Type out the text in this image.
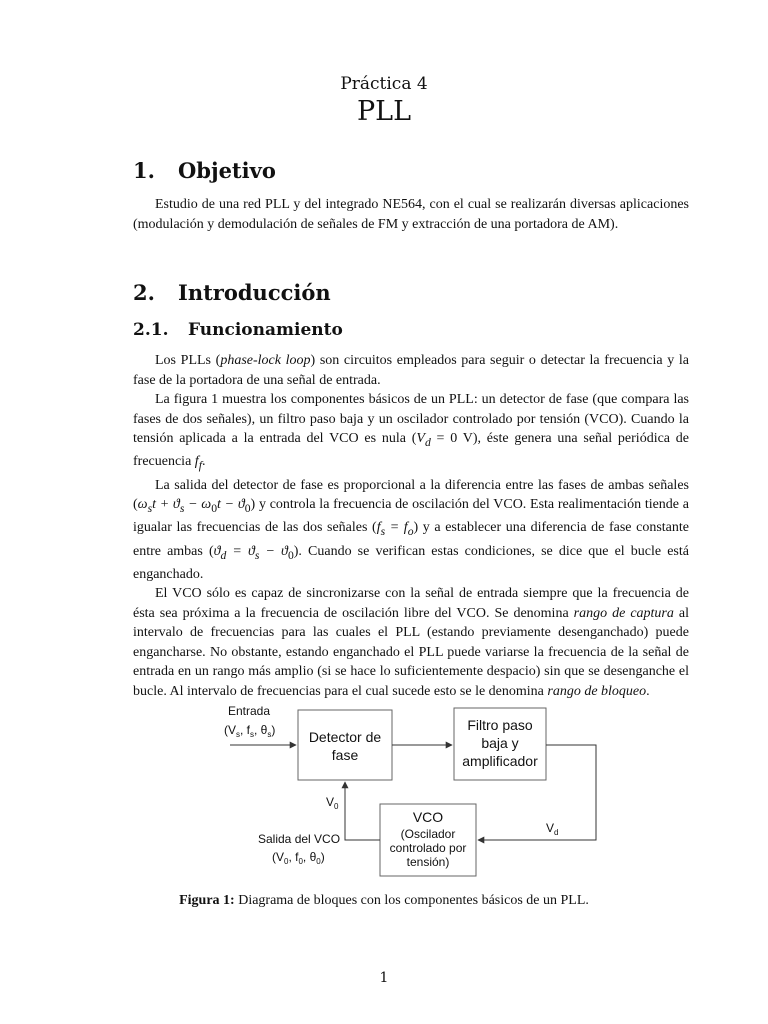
Práctica 4
PLL
1. Objetivo

Estudio de una red PLL y del integrado NE564, con el cual se realizarán diversas aplicaciones (modulación y demodulación de señales de FM y extracción de una portadora de AM).

2. Introducción
2.1. Funcionamiento

Los PLLs (phase-lock loop) son circuitos empleados para seguir o detectar la frecuencia y la fase de la portadora de una señal de entrada.

La figura 1 muestra los componentes básicos de un PLL: un detector de fase (que compara las fases de dos señales), un filtro paso baja y un oscilador controlado por tensión (VCO). Cuando la tensión aplicada a la entrada del VCO es nula ($V_d = 0$ V), éste genera una señal periódica de frecuencia $f_f$.

La salida del detector de fase es proporcional a la diferencia entre las fases de ambas señales $(\omega_st + ϑ_s - \omega_0t - ϑ_0)$ y controla la frecuencia de oscilación del VCO. Esta realimentación tiende a igualar las frecuencias de las dos señales $(f_s = f_o)$ y a establecer una diferencia de fase constante entre ambas $(ϑ_d = ϑ_s - ϑ_0)$. Cuando se verifican estas condiciones, se dice que el bucle está enganchado.

El VCO sólo es capaz de sincronizarse con la señal de entrada siempre que la frecuencia de ésta sea próxima a la frecuencia de oscilación libre del VCO. Se denomina rango de captura al intervalo de frecuencias para las cuales el PLL (estando previamente desenganchado) puede engancharse. No obstante, estando enganchado el PLL puede variarse la frecuencia de la señal de entrada en un rango más amplio (si se hace lo suficientemente despacio) sin que se desenganche el bucle. Al intervalo de frecuencias para el cual sucede esto se le denomina rango de bloqueo.

Entrada
($V_s$, $f_s$, $\theta_s$) Detector de
fase
Filtro paso
baja y
amplificador
$V_d$
VCO
(Oscilador
controlado por
tensión)
$V_0$
Salida del VCO
($V_0$, $f_0$, $\theta_0$)
Figura 1: Diagrama de bloques con los componentes básicos de un PLL.
1
